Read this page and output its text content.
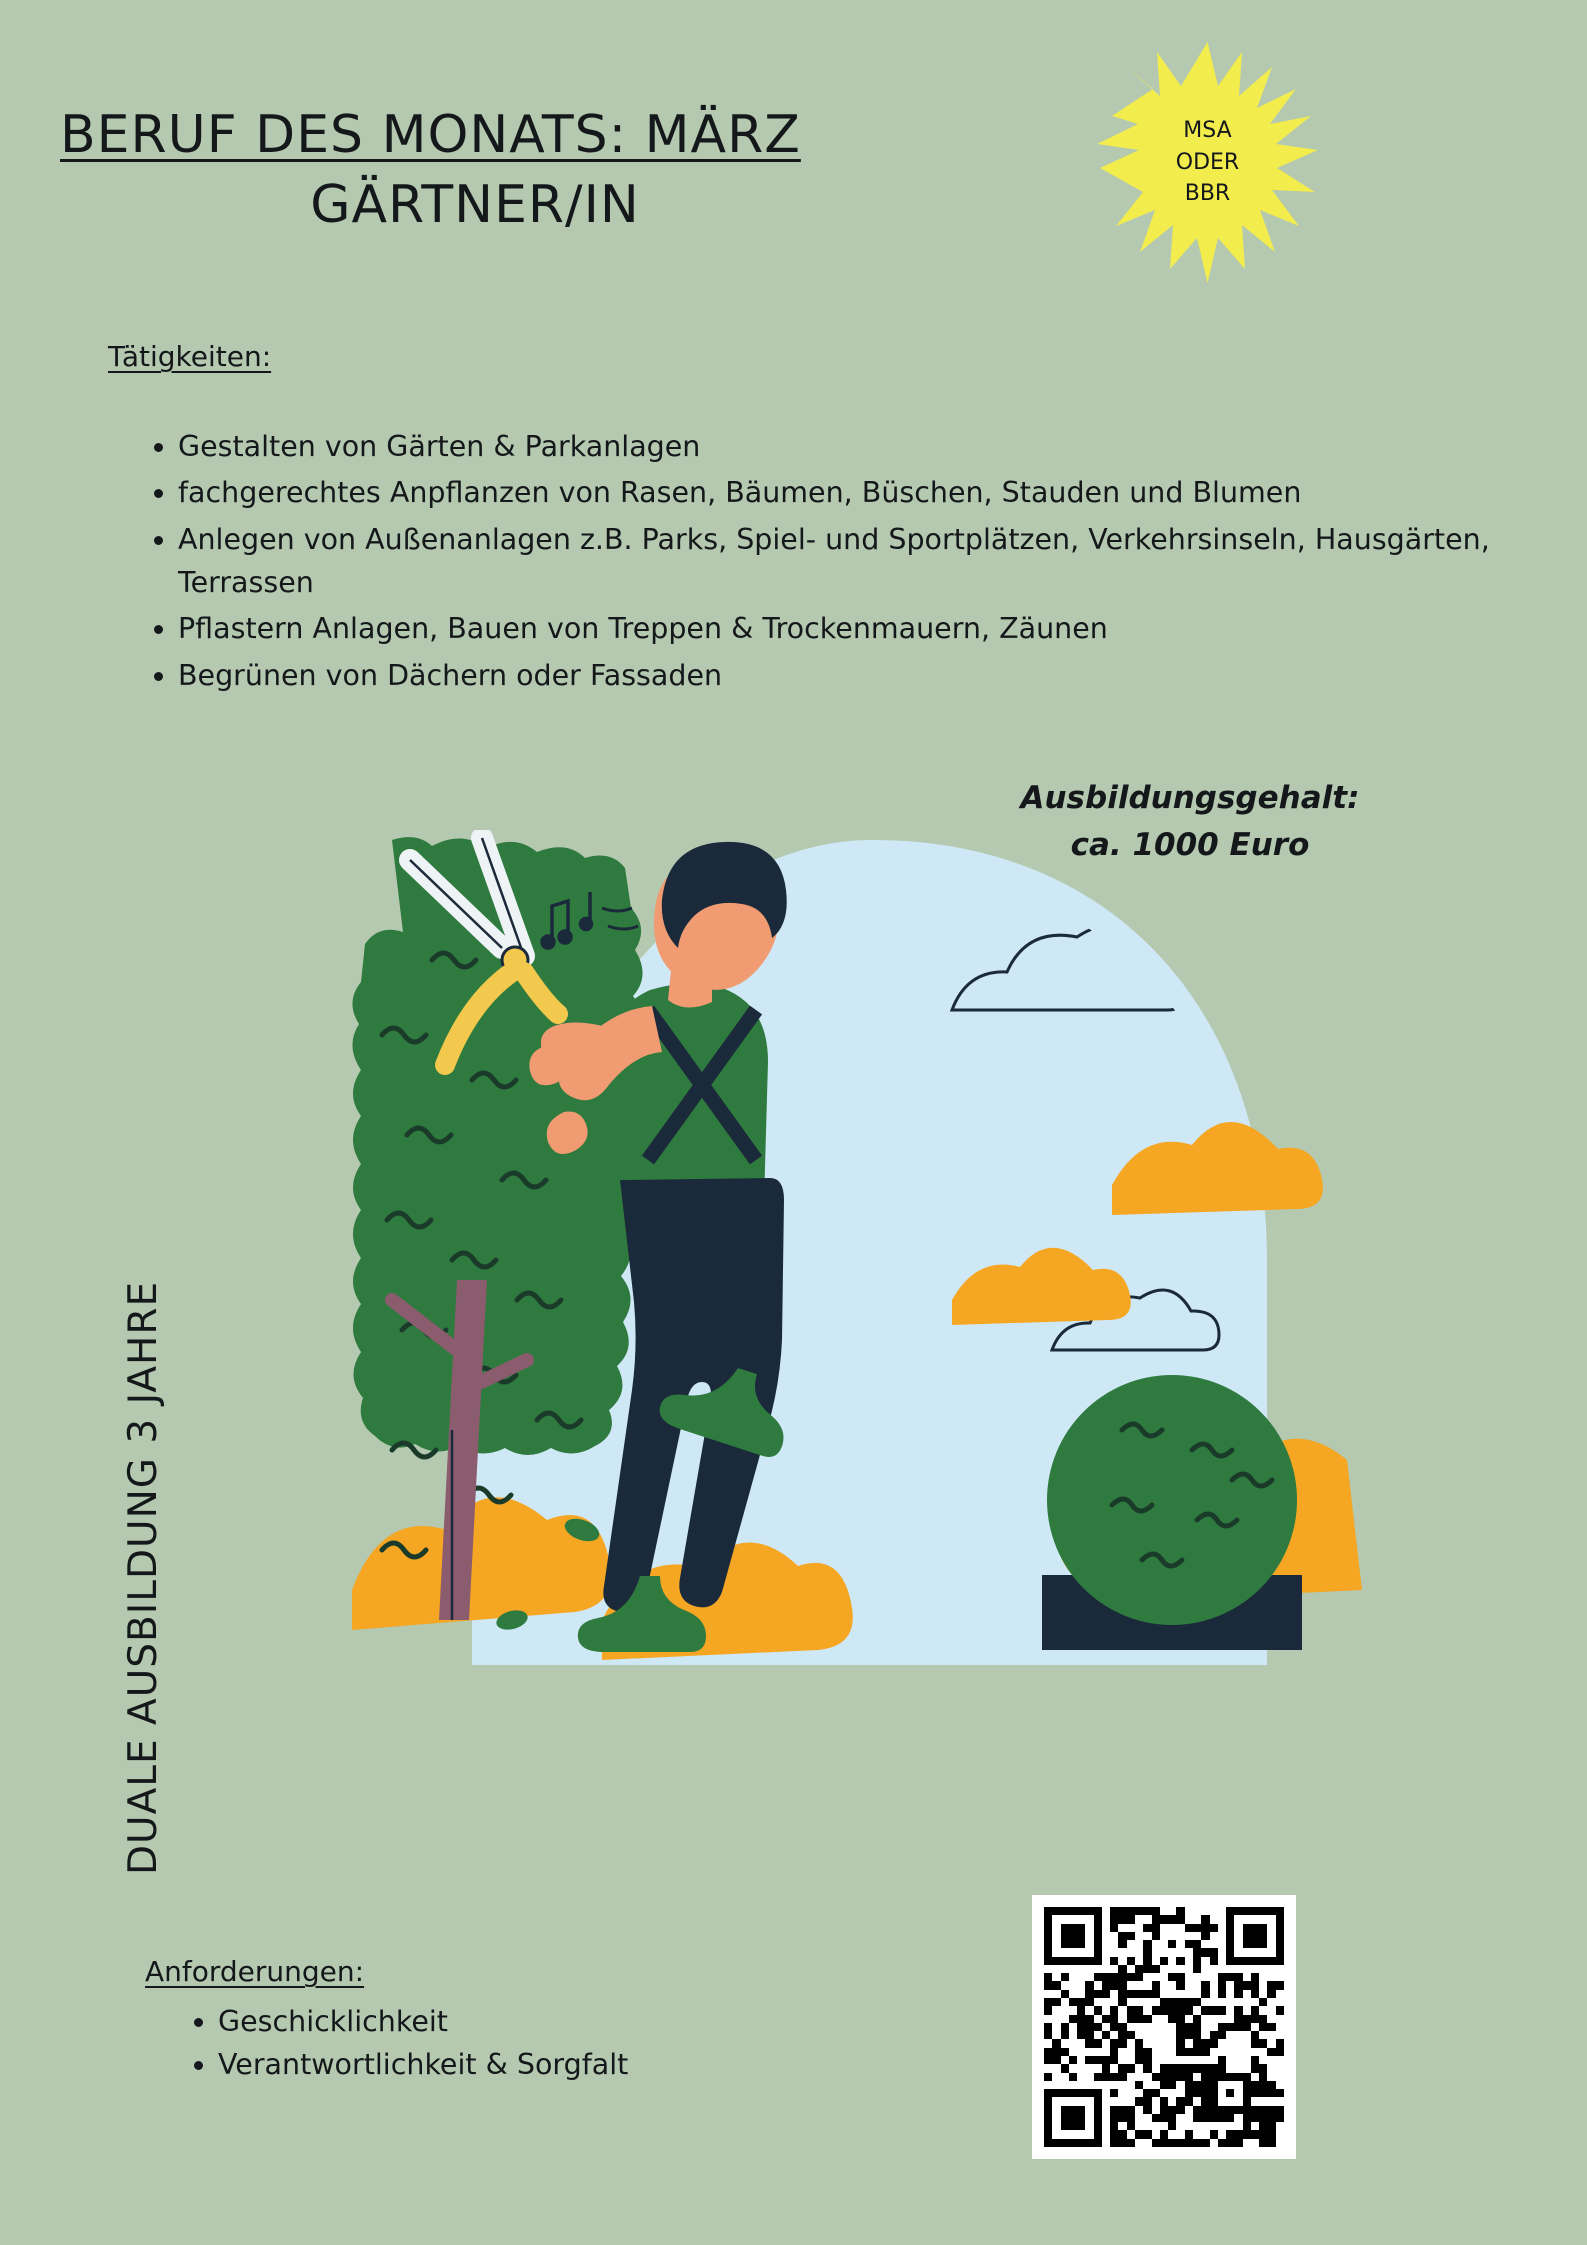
BERUF DES MONATS: MÄRZ
GÄRTNER/IN
MSA
ODER
BBR
Tätigkeiten:
• Gestalten von Gärten & Parkanlagen
• fachgerechtes Anpflanzen von Rasen, Bäumen, Büschen, Stauden und Blumen
• Anlegen von Außenanlagen z.B. Parks, Spiel- und Sportplätzen, Verkehrsinseln, Hausgärten, Terrassen
• Pflastern Anlagen, Bauen von Treppen & Trockenmauern, Zäunen
• Begrünen von Dächern oder Fassaden
Ausbildungsgehalt:
ca. 1000 Euro
DUALE AUSBILDUNG 3 JAHRE
Anforderungen:
• Geschicklichkeit
• Verantwortlichkeit & Sorgfalt
